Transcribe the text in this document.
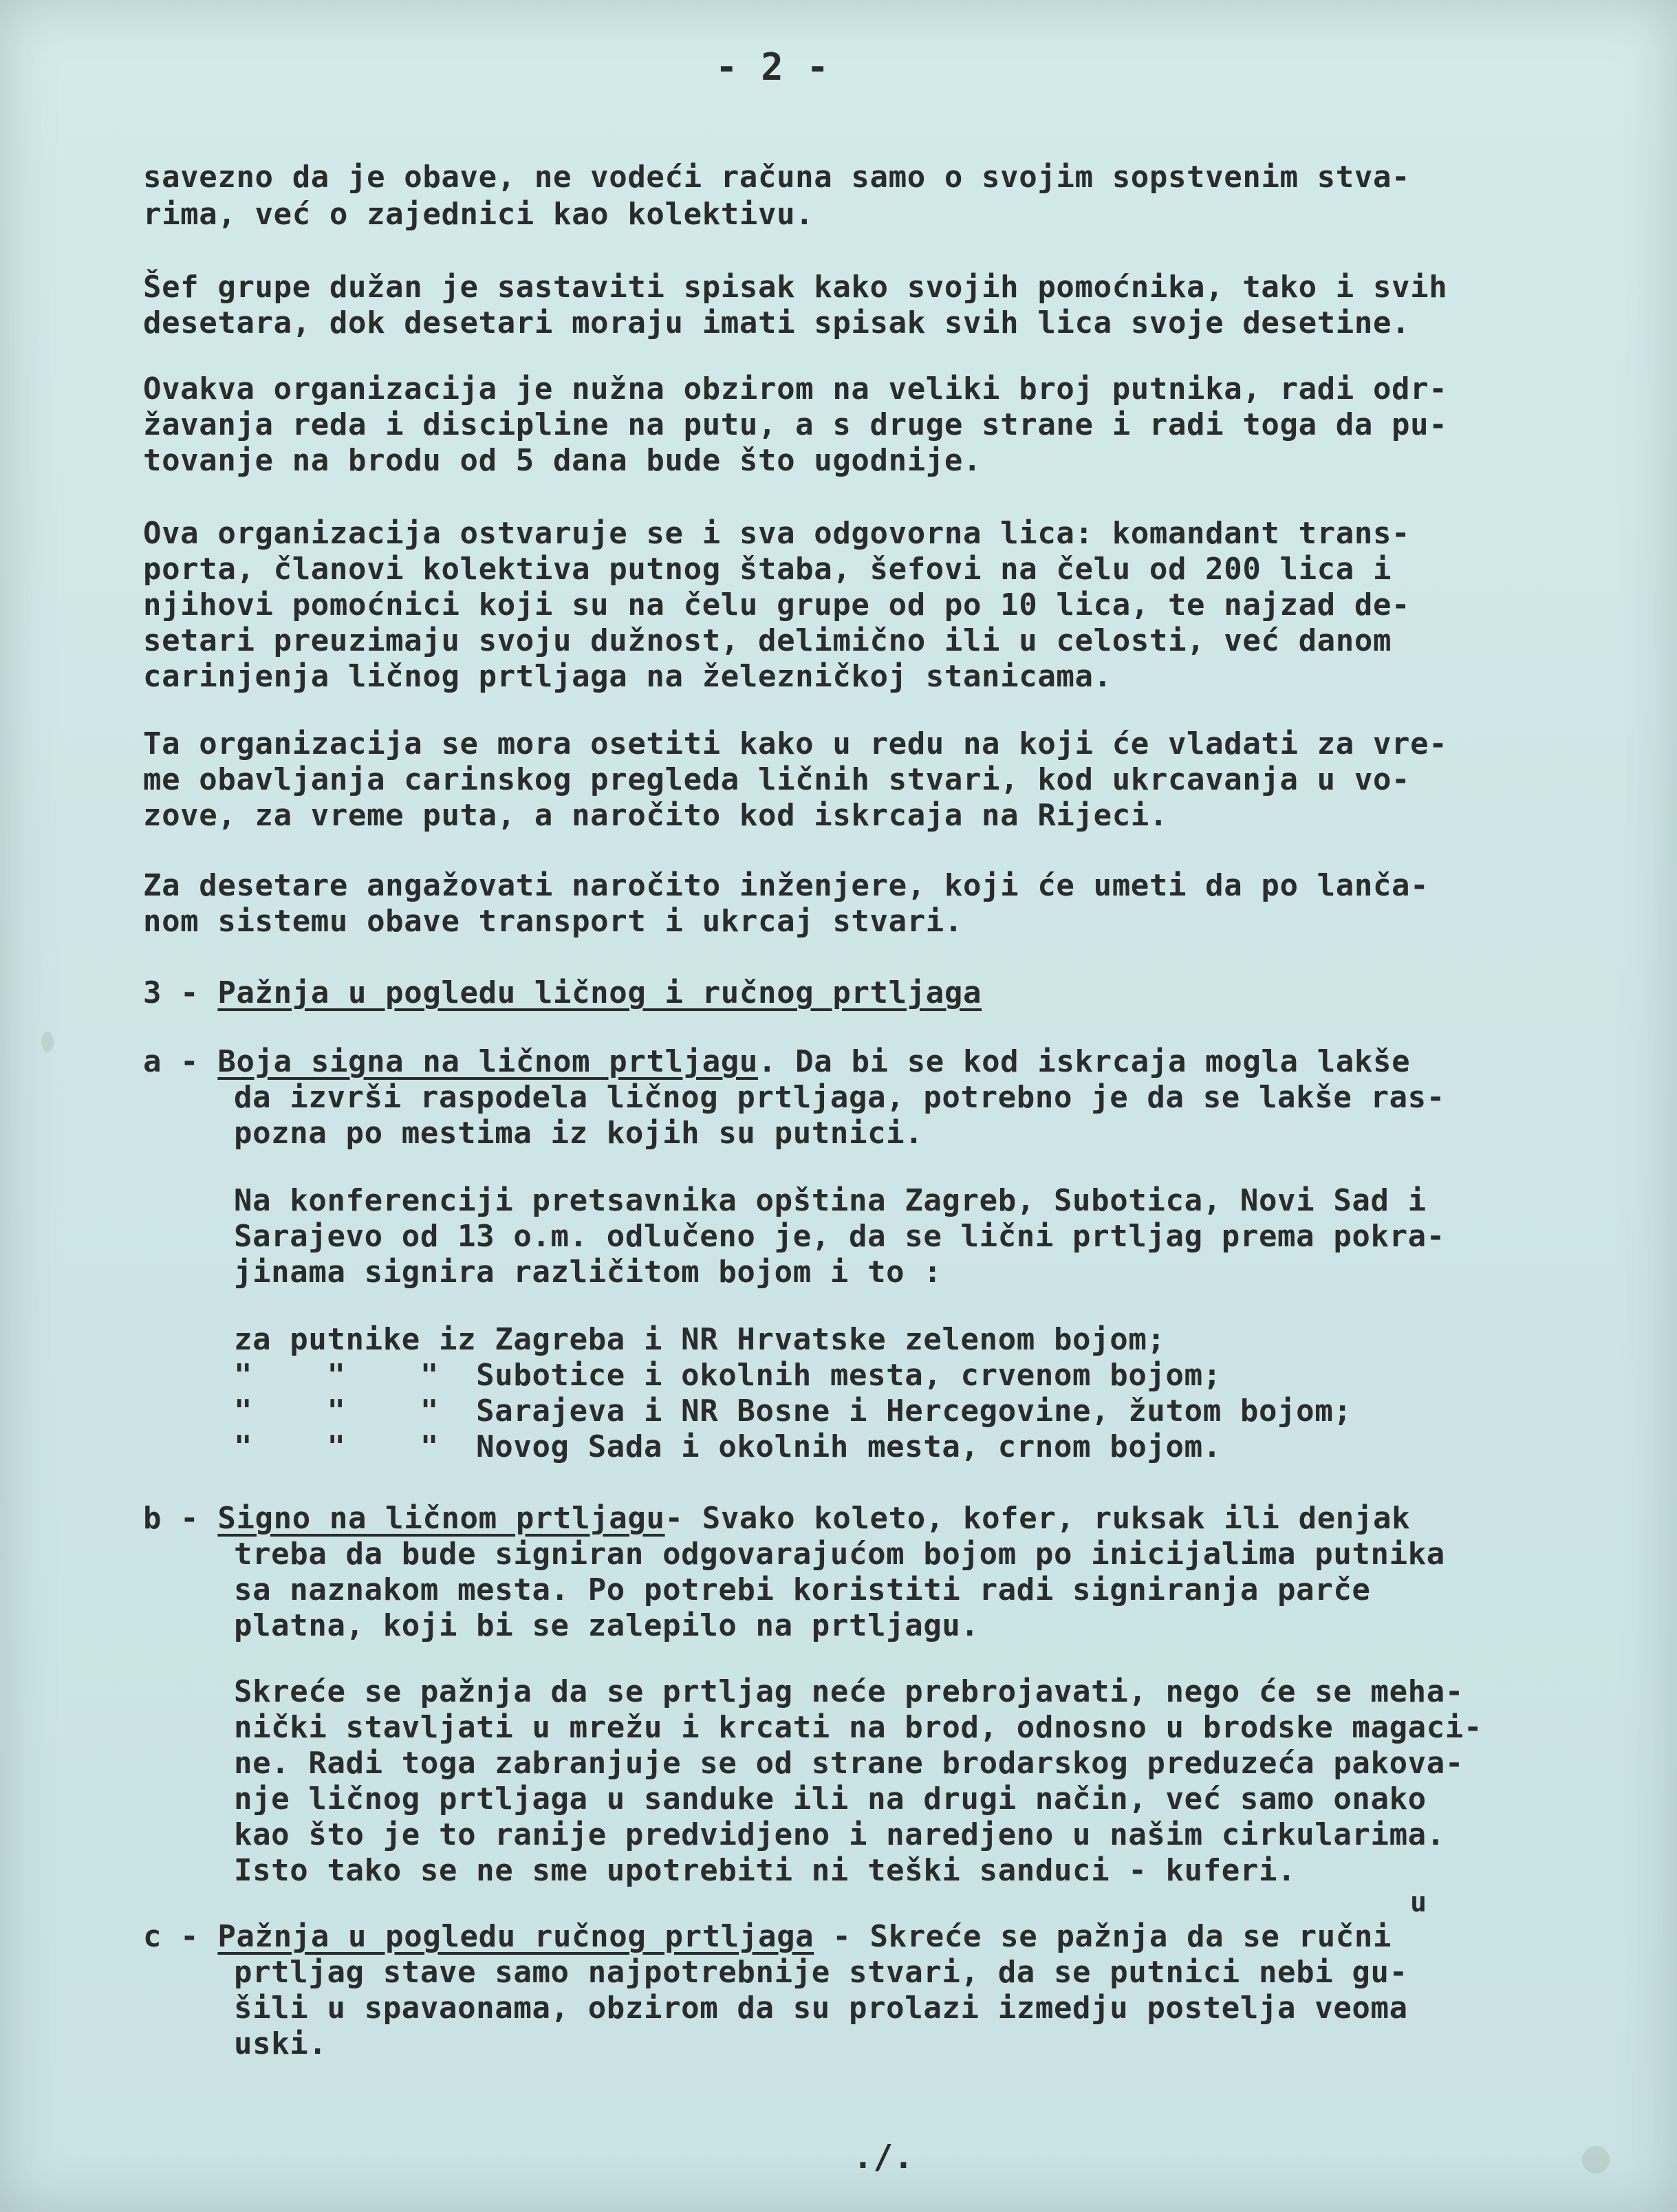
- 2 -
savezno da je obave, ne vodeći računa samo o svojim sopstvenim stva-
rima, već o zajednici kao kolektivu.
Šef grupe dužan je sastaviti spisak kako svojih pomoćnika, tako i svih
desetara, dok desetari moraju imati spisak svih lica svoje desetine.
Ovakva organizacija je nužna obzirom na veliki broj putnika, radi odr-
žavanja reda i discipline na putu, a s druge strane i radi toga da pu-
tovanje na brodu od 5 dana bude što ugodnije.
Ova organizacija ostvaruje se i sva odgovorna lica: komandant trans-
porta, članovi kolektiva putnog štaba, šefovi na čelu od 200 lica i
njihovi pomoćnici koji su na čelu grupe od po 10 lica, te najzad de-
setari preuzimaju svoju dužnost, delimično ili u celosti, već danom
carinjenja ličnog prtljaga na železničkoj stanicama.
Ta organizacija se mora osetiti kako u redu na koji će vladati za vre-
me obavljanja carinskog pregleda ličnih stvari, kod ukrcavanja u vo-
zove, za vreme puta, a naročito kod iskrcaja na Rijeci.
Za desetare angažovati naročito inženjere, koji će umeti da po lanča-
nom sistemu obave transport i ukrcaj stvari.
3 - Pažnja u pogledu ličnog i ručnog prtljaga
a - Boja signa na ličnom prtljagu. Da bi se kod iskrcaja mogla lakše
da izvrši raspodela ličnog prtljaga, potrebno je da se lakše ras-
pozna po mestima iz kojih su putnici.
Na konferenciji pretsavnika opština Zagreb, Subotica, Novi Sad i
Sarajevo od 13 o.m. odlučeno je, da se lični prtljag prema pokra-
jinama signira različitom bojom i to :
za putnike iz Zagreba i NR Hrvatske zelenom bojom;
"    "    "  Subotice i okolnih mesta, crvenom bojom;
"    "    "  Sarajeva i NR Bosne i Hercegovine, žutom bojom;
"    "    "  Novog Sada i okolnih mesta, crnom bojom.
b - Signo na ličnom prtljagu- Svako koleto, kofer, ruksak ili denjak
treba da bude signiran odgovarajućom bojom po inicijalima putnika
sa naznakom mesta. Po potrebi koristiti radi signiranja parče
platna, koji bi se zalepilo na prtljagu.
Skreće se pažnja da se prtljag neće prebrojavati, nego će se meha-
nički stavljati u mrežu i krcati na brod, odnosno u brodske magaci-
ne. Radi toga zabranjuje se od strane brodarskog preduzeća pakova-
nje ličnog prtljaga u sanduke ili na drugi način, već samo onako
kao što je to ranije predvidjeno i naredjeno u našim cirkularima.
Isto tako se ne sme upotrebiti ni teški sanduci - kuferi.
u
c - Pažnja u pogledu ručnog prtljaga - Skreće se pažnja da se ručni
prtljag stave samo najpotrebnije stvari, da se putnici nebi gu-
šili u spavaonama, obzirom da su prolazi izmedju postelja veoma
uski.
./.
